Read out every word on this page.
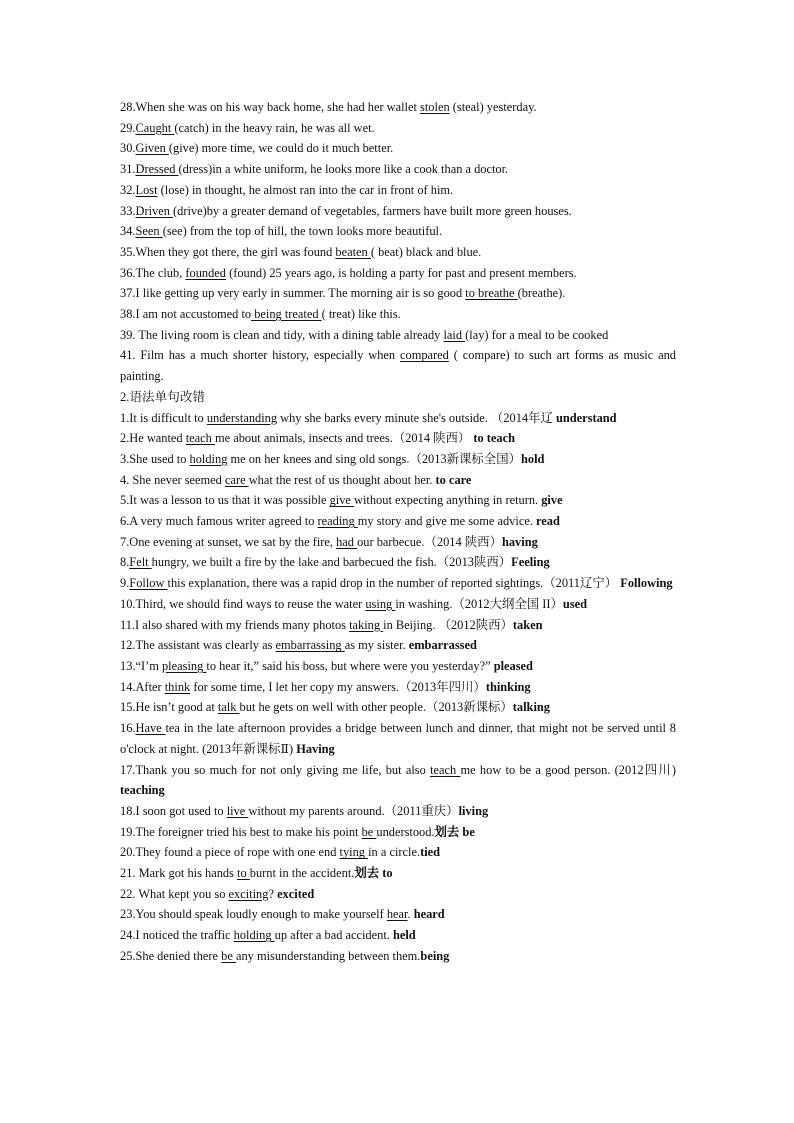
28.When she was on his way back home, she had her wallet stolen (steal) yesterday.
29.Caught (catch) in the heavy rain, he was all wet.
30.Given (give) more time, we could do it much better.
31.Dressed (dress)in a white uniform, he looks more like a cook than a doctor.
32.Lost (lose) in thought, he almost ran into the car in front of him.
33.Driven (drive)by a greater demand of vegetables, farmers have built more green houses.
34.Seen (see) from the top of hill, the town looks more beautiful.
35.When they got there, the girl was found beaten ( beat) black and blue.
36.The club, founded (found) 25 years ago, is holding a party for past and present members.
37.I like getting up very early in summer. The morning air is so good to breathe (breathe).
38.I am not accustomed to being treated ( treat) like this.
39. The living room is clean and tidy, with a dining table already laid (lay) for a meal to be cooked
41. Film has a much shorter history, especially when compared ( compare) to such art forms as music and painting.
2.语法单句改错
1.It is difficult to understanding why she barks every minute she's outside. （2014年辽 understand
2.He wanted teach me about animals, insects and trees.（2014 陕西） to teach
3.She used to holding me on her knees and sing old songs.（2013新课标全国）hold
4. She never seemed care what the rest of us thought about her. to care
5.It was a lesson to us that it was possible give without expecting anything in return. give
6.A very much famous writer agreed to reading my story and give me some advice. read
7.One evening at sunset, we sat by the fire, had our barbecue.（2014 陕西）having
8.Felt hungry, we built a fire by the lake and barbecued the fish.（2013陕西）Feeling
9.Follow this explanation, there was a rapid drop in the number of reported sightings.（2011辽宁） Following
10.Third, we should find ways to reuse the water using in washing.（2012大纲全国 II）used
11.I also shared with my friends many photos taking in Beijing. （2012陕西）taken
12.The assistant was clearly as embarrassing as my sister. embarrassed
13.“I’m pleasing to hear it,” said his boss, but where were you yesterday?” pleased
14.After think for some time, I let her copy my answers.（2013年四川）thinking
15.He isn’t good at talk but he gets on well with other people.（2013新课标）talking
16.Have tea in the late afternoon provides a bridge between lunch and dinner, that might not be served until 8 o'clock at night. (2013年新课标Ⅱ) Having
17.Thank you so much for not only giving me life, but also teach me how to be a good person. (2012四川) teaching
18.I soon got used to live without my parents around.（2011重庆）living
19.The foreigner tried his best to make his point be understood.划去 be
20.They found a piece of rope with one end tying in a circle.tied
21. Mark got his hands to burnt in the accident.划去 to
22. What kept you so exciting? excited
23.You should speak loudly enough to make yourself hear. heard
24.I noticed the traffic holding up after a bad accident. held
25.She denied there be any misunderstanding between them.being
